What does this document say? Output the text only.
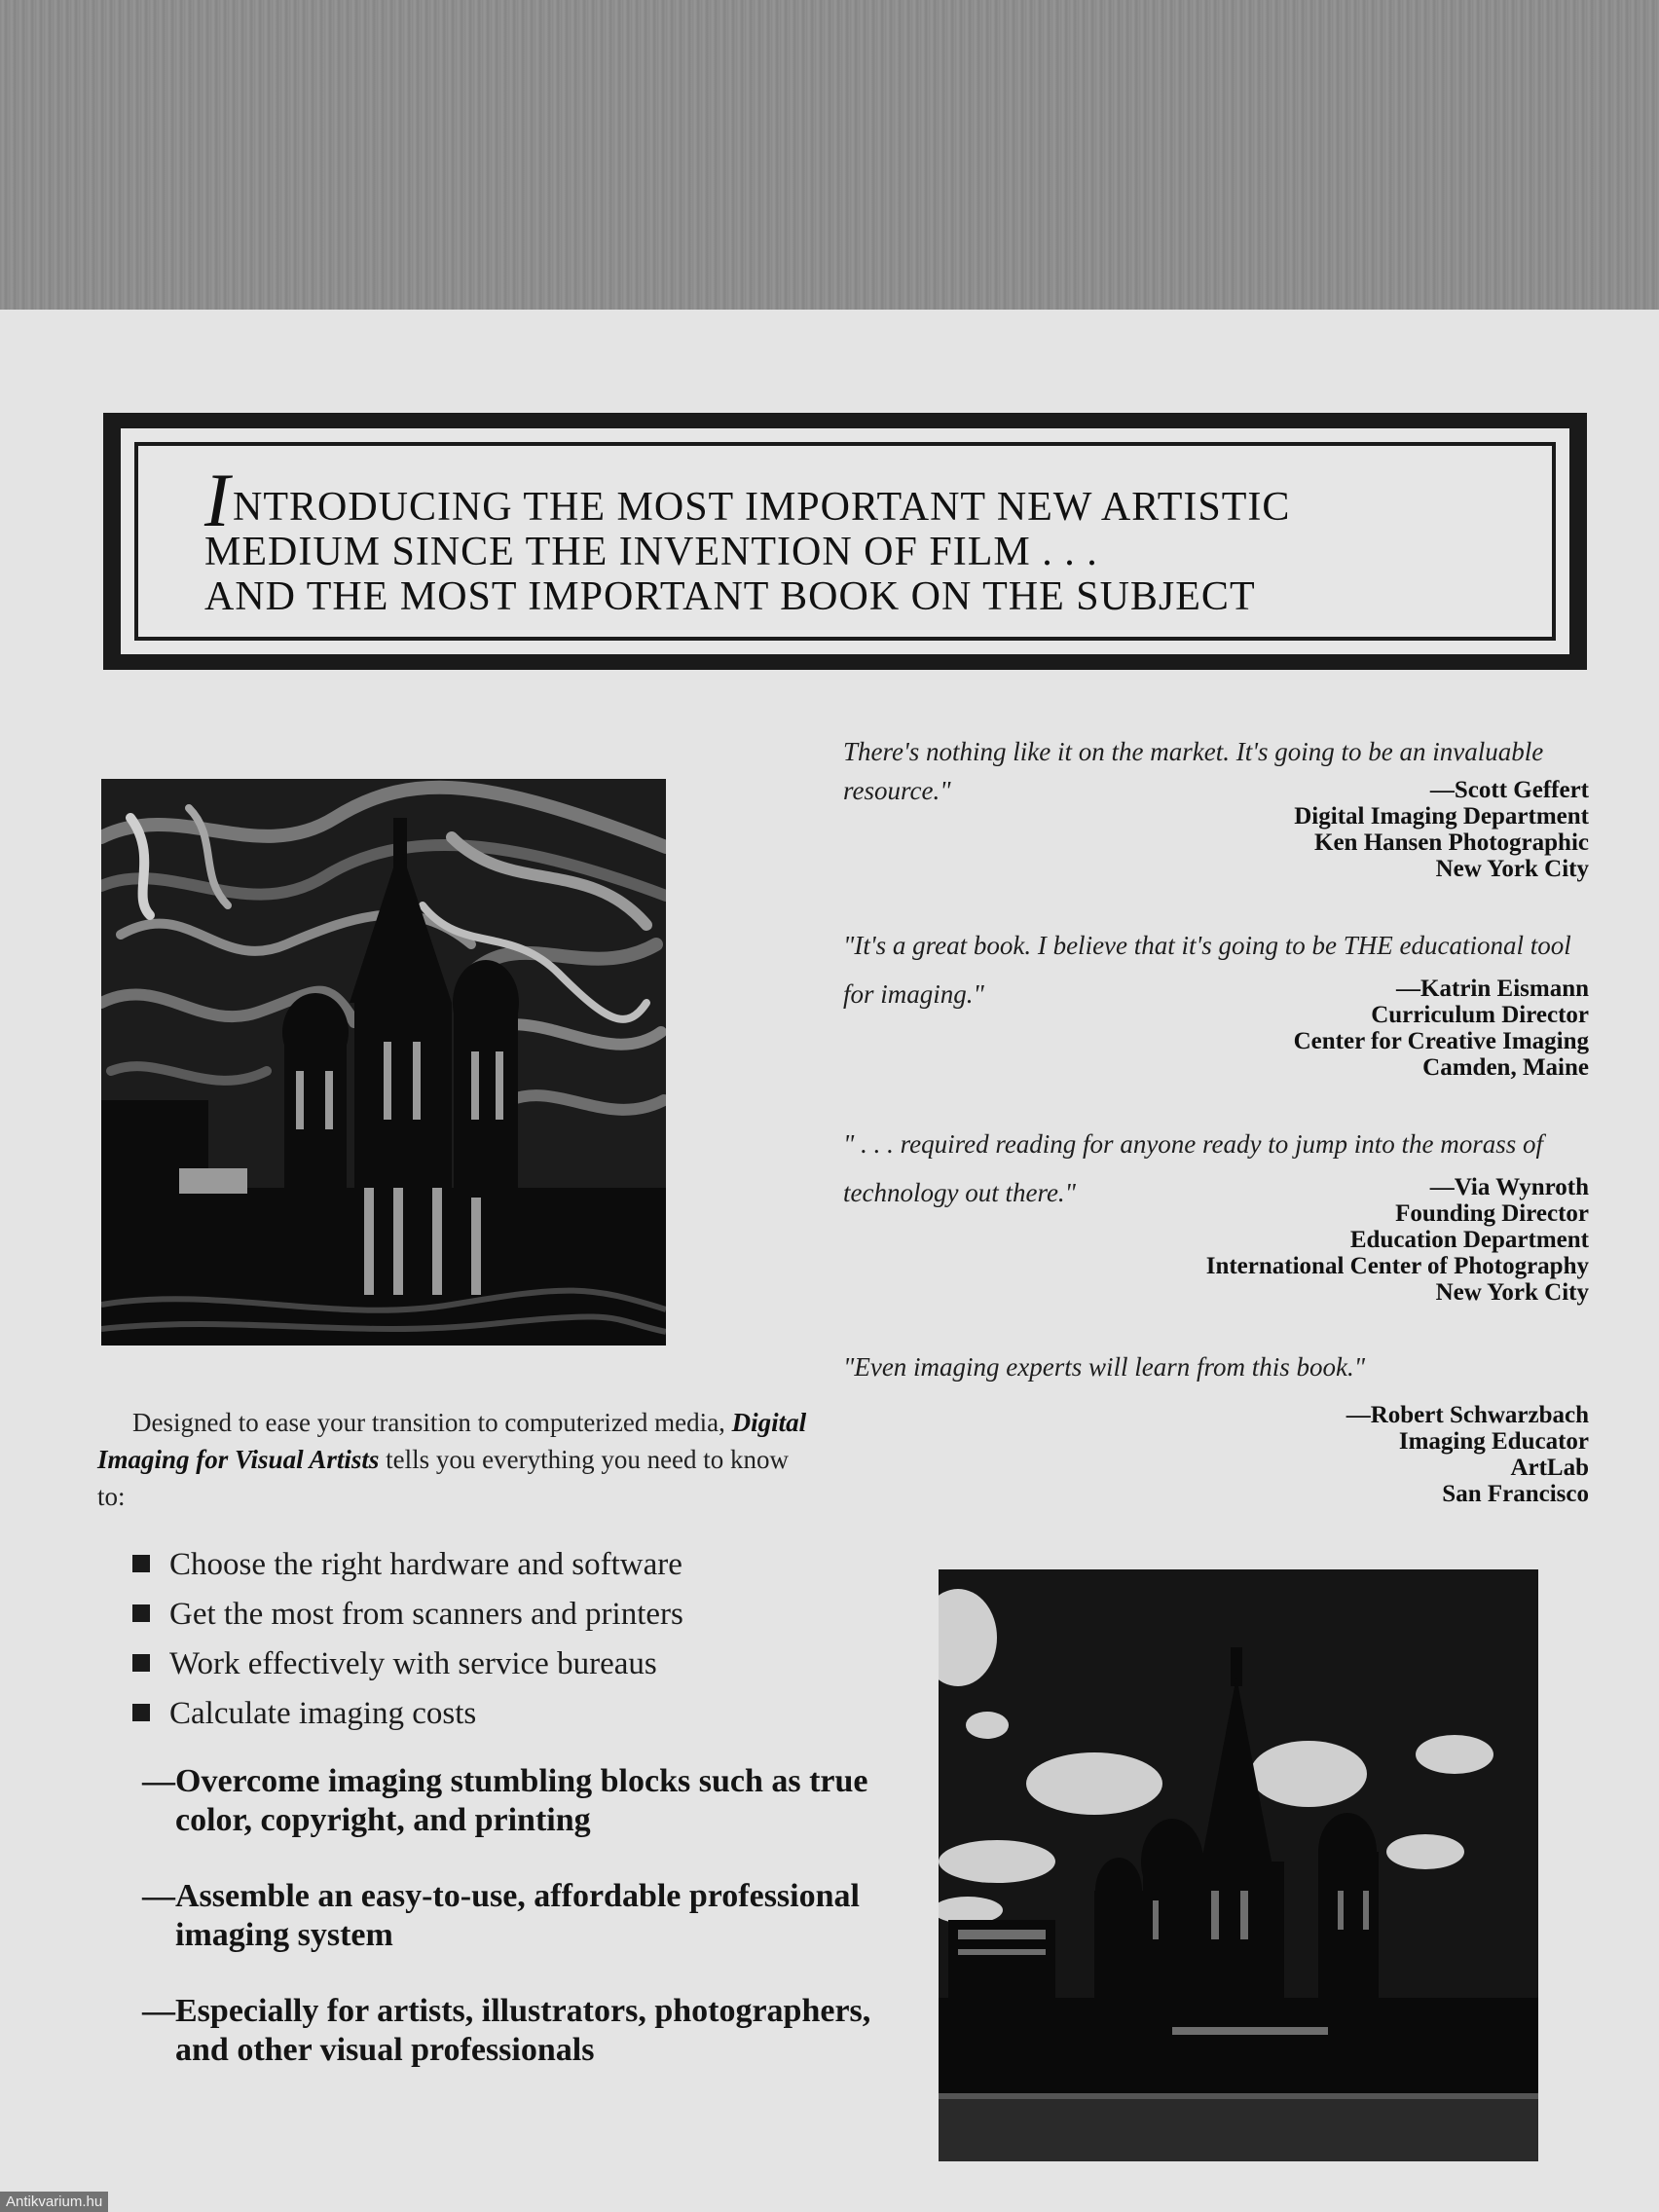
INTRODUCING THE MOST IMPORTANT NEW ARTISTIC
MEDIUM SINCE THE INVENTION OF FILM . . .
AND THE MOST IMPORTANT BOOK ON THE SUBJECT

There's nothing like it on the market. It's going to be an invaluable resource."	—Scott Geffert
Digital Imaging Department
Ken Hansen Photographic
New York City

"It's a great book. I believe that it's going to be THE educational tool for imaging."	—Katrin Eismann
Curriculum Director
Center for Creative Imaging
Camden, Maine

" . . . required reading for anyone ready to jump into the morass of technology out there."	—Via Wynroth
Founding Director
Education Department
International Center of Photography
New York City

"Even imaging experts will learn from this book."

—Robert Schwarzbach
Imaging Educator
ArtLab
San Francisco
Designed to ease your transition to computerized media, Digital Imaging for Visual Artists tells you everything you need to know to:
Choose the right hardware and software
Get the most from scanners and printers
Work effectively with service bureaus
Calculate imaging costs
—Overcome imaging stumbling blocks such as true color, copyright, and printing
—Assemble an easy-to-use, affordable professional imaging system
—Especially for artists, illustrators, photographers, and other visual professionals
Antikvarium.hu
